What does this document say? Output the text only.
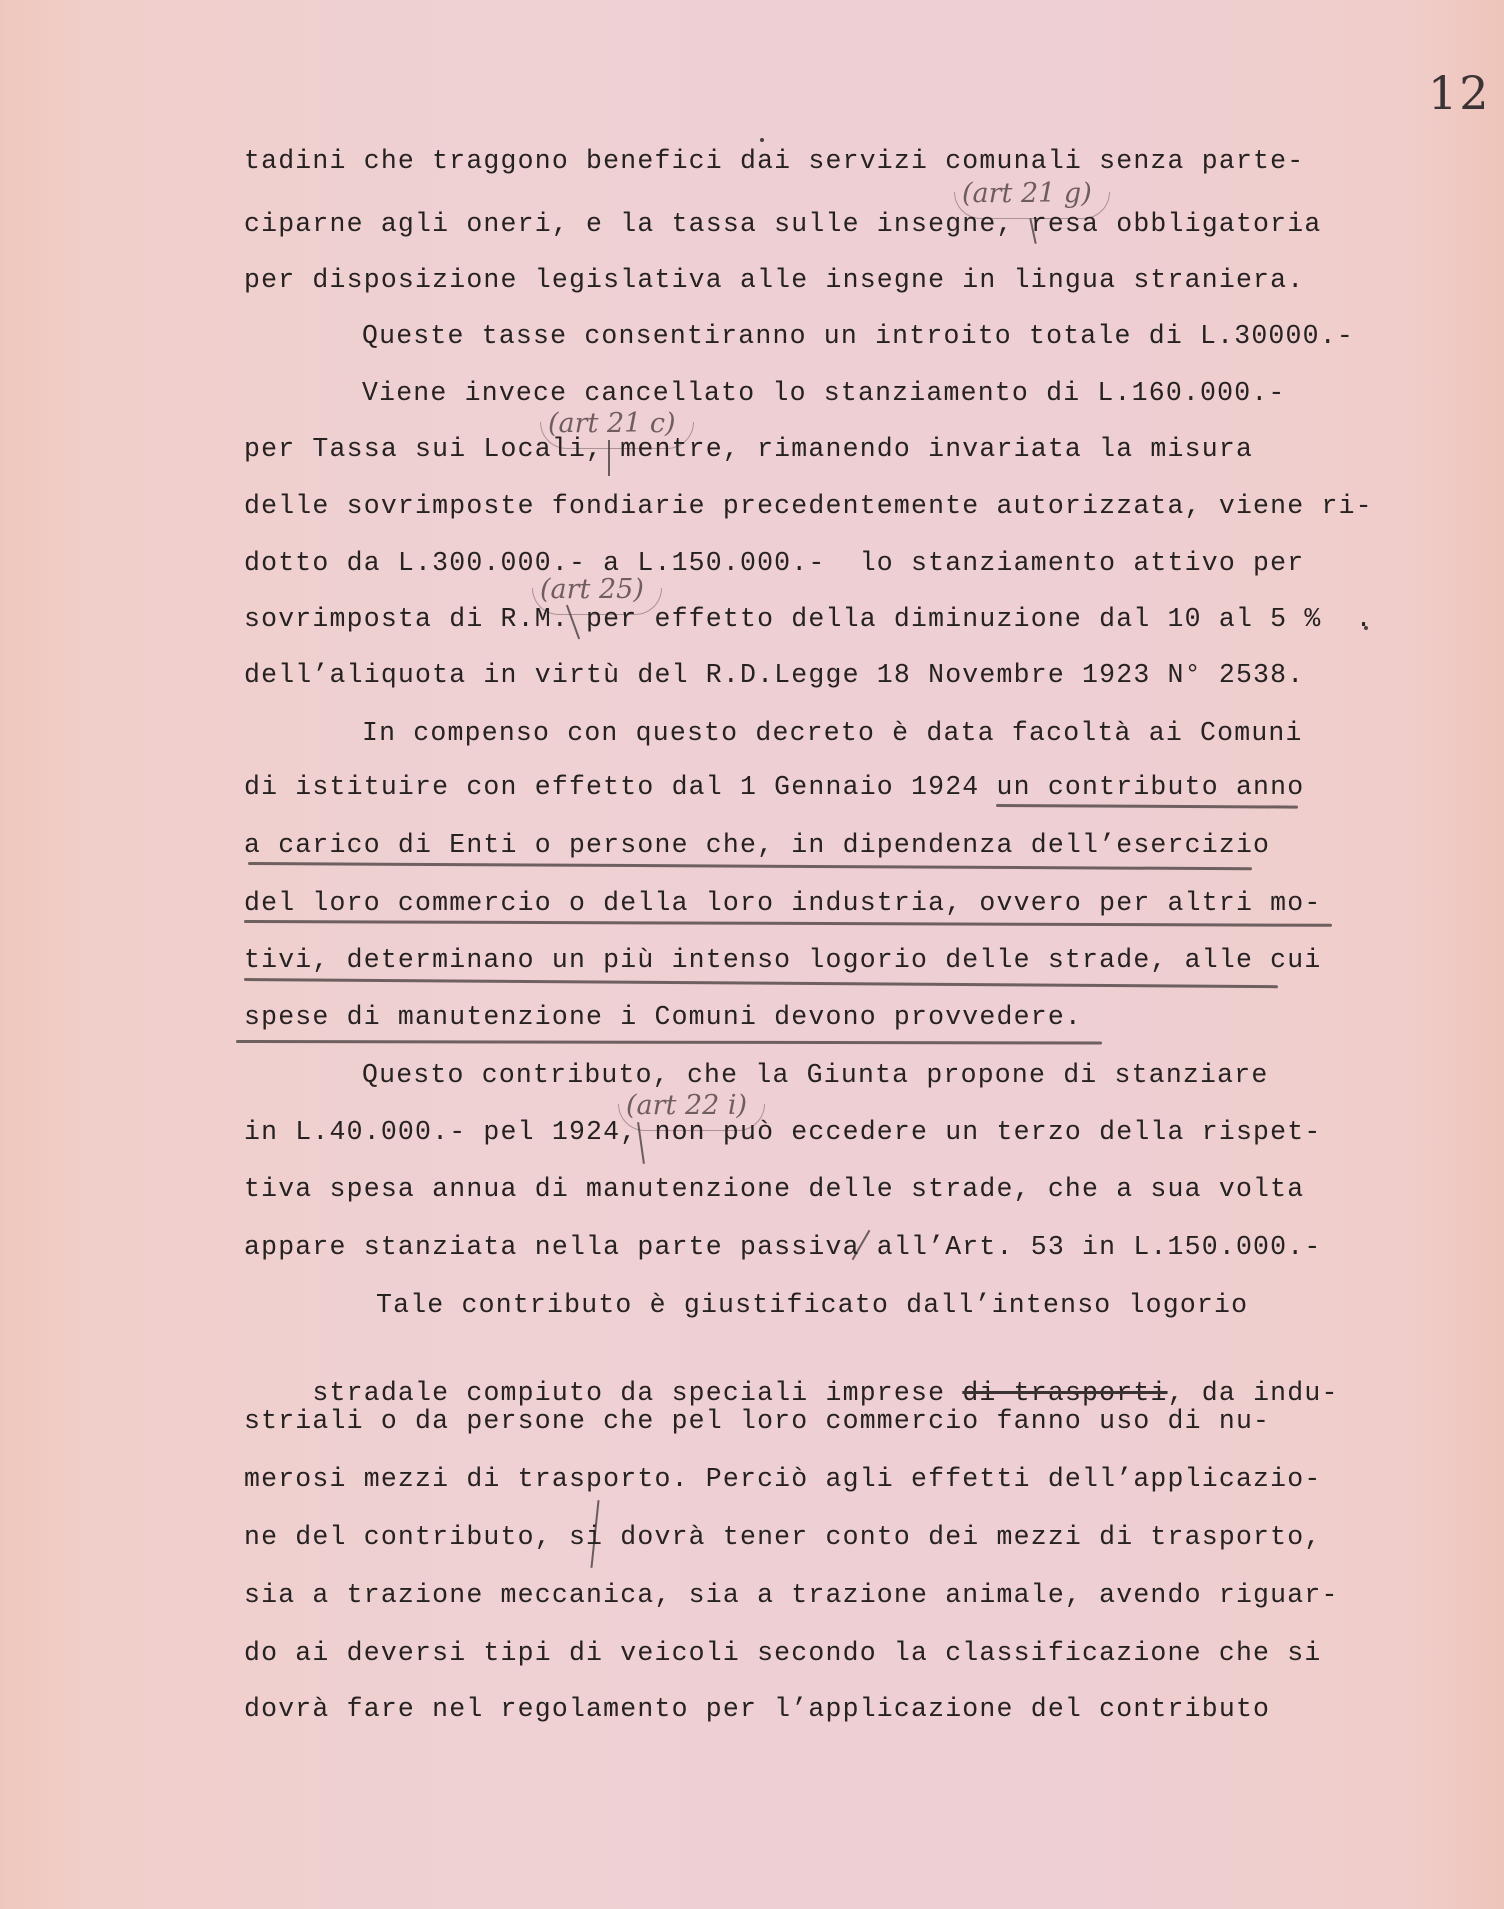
12
(art 21 g)
(art 21 c)
(art 25)
(art 22 i)
tadini che traggono benefici dai servizi comunali senza parte-
ciparne agli oneri, e la tassa sulle insegne, resa obbligatoria
per disposizione legislativa alle insegne in lingua straniera.
Queste tasse consentiranno un introito totale di L.30000.-
Viene invece cancellato lo stanziamento di L.160.000.-
per Tassa sui Locali, mentre, rimanendo invariata la misura
delle sovrimposte fondiarie precedentemente autorizzata, viene ri-
dotto da L.300.000.- a L.150.000.-  lo stanziamento attivo per
sovrimposta di R.M. per effetto della diminuzione dal 10 al 5 %  .
dell’aliquota in virtù del R.D.Legge 18 Novembre 1923 N° 2538.
In compenso con questo decreto è data facoltà ai Comuni
di istituire con effetto dal 1 Gennaio 1924 un contributo anno
a carico di Enti o persone che, in dipendenza dell’esercizio
del loro commercio o della loro industria, ovvero per altri mo-
tivi, determinano un più intenso logorio delle strade, alle cui
spese di manutenzione i Comuni devono provvedere.
Questo contributo, che la Giunta propone di stanziare
in L.40.000.- pel 1924, non può eccedere un terzo della rispet-
tiva spesa annua di manutenzione delle strade, che a sua volta
appare stanziata nella parte passiva all’Art. 53 in L.150.000.-
Tale contributo è giustificato dall’intenso logorio

stradale compiuto da speciali imprese di trasporti, da indu-

striali o da persone che pel loro commercio fanno uso di nu-
merosi mezzi di trasporto. Perciò agli effetti dell’applicazio-
ne del contributo, si dovrà tener conto dei mezzi di trasporto,
sia a trazione meccanica, sia a trazione animale, avendo riguar-
do ai deversi tipi di veicoli secondo la classificazione che si
dovrà fare nel regolamento per l’applicazione del contributo
